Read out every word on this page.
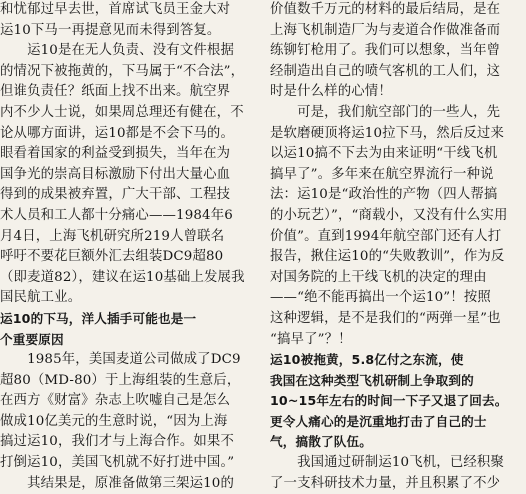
和忧郁过早去世，首席试飞员王金大对
运10下马一再提意见而未得到答复。
　　运10是在无人负责、没有文件根据
的情况下被拖黄的，下马属于“不合法”，
但谁负责任？纸面上找不出来。航空界
内不少人士说，如果周总理还有健在，不
论从哪方面讲，运10都是不会下马的。
眼看着国家的利益受到损失，当年在为
国争光的崇高目标激励下付出大量心血
得到的成果被弃置，广大干部、工程技
术人员和工人都十分痛心——1984年6
月4日，上海飞机研究所219人曾联名
呼吁不要花巨额外汇去组装DC9超80
（即麦道82），建议在运10基础上发展我
国民航工业。
运10的下马，洋人插手可能也是一
个重要原因
　　1985年，美国麦道公司做成了DC9
超80（MD-80）于上海组装的生意后，
在西方《财富》杂志上吹嘘自己是怎么
做成10亿美元的生意时说，“因为上海
搞过运10，我们才与上海合作。如果不
打倒运10，美国飞机就不好打进中国。”
　　其结果是，原准备做第三架运10的
价值数千万元的材料的最后结局，是在
上海飞机制造厂为与麦道合作做准备而
练铆钉枪用了。我们可以想象，当年曾
经制造出自己的喷气客机的工人们，这
时是什么样的心情！
　　可是，我们航空部门的一些人，先
是软磨硬顶将运10拉下马，然后反过来
以运10搞不下去为由来证明“干线飞机
搞早了”。多年来在航空界流行一种说
法：运10是“政治性的产物（四人帮搞
的小玩艺）”，“商载小，又没有什么实用
价值”。直到1994年航空部门还有人打
报告，揪住运10的“失败教训”，作为反
对国务院的上干线飞机的决定的理由
——“绝不能再搞出一个运10”！按照
这种逻辑，是不是我们的“两弹一星”也
“搞早了”？！
运10被拖黄，5.8亿付之东流，使
我国在这种类型飞机研制上争取到的
10~15年左右的时间一下子又退了回去。
更令人痛心的是沉重地打击了自己的士
气，搞散了队伍。
　　我国通过研制运10飞机，已经积聚
了一支科研技术力量，并且积累了不少
